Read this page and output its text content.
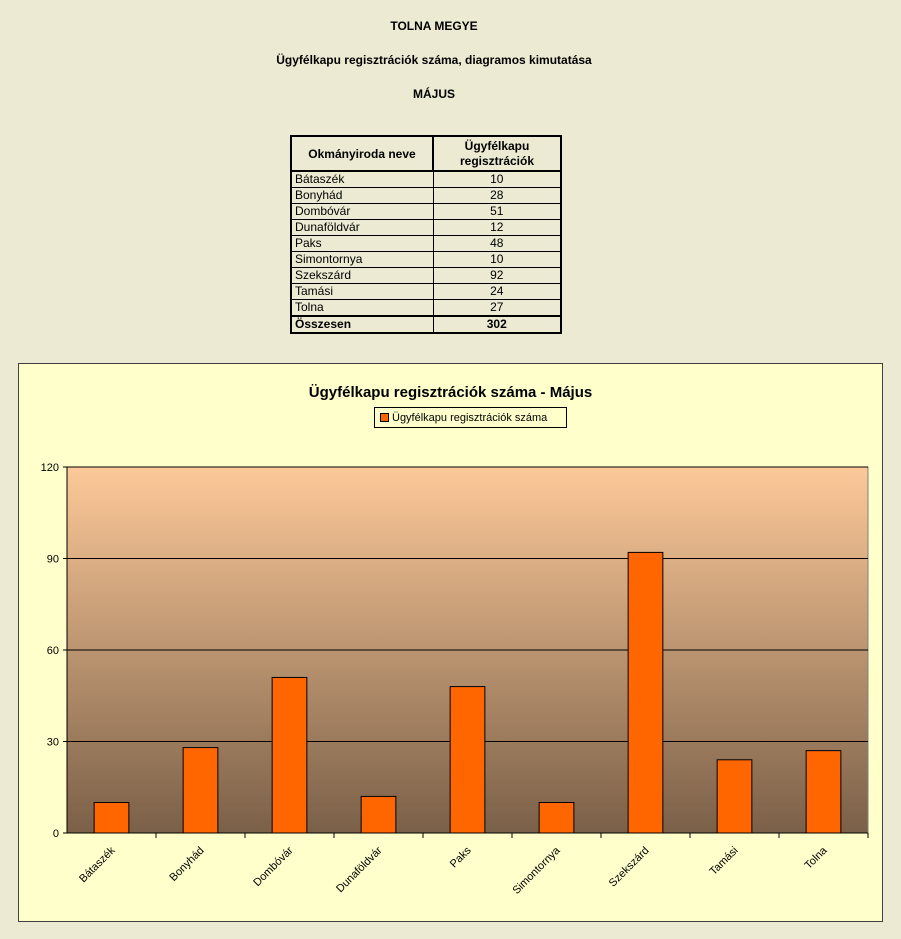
TOLNA MEGYE
Ügyfélkapu regisztrációk száma, diagramos kimutatása
MÁJUS
Okmányiroda neve	Ügyfélkapu regisztrációk
Bátaszék	10
Bonyhád	28
Dombóvár	51
Dunaföldvár	12
Paks	48
Simontornya	10
Szekszárd	92
Tamási	24
Tolna	27
Összesen	302
Ügyfélkapu regisztrációk száma - Május
Ügyfélkapu regisztrációk száma
0
30
60
90
120
Bátaszék	Bonyhád	Dombóvár	Dunaföldvár	Paks	Simontornya	Szekszárd	Tamási	Tolna
